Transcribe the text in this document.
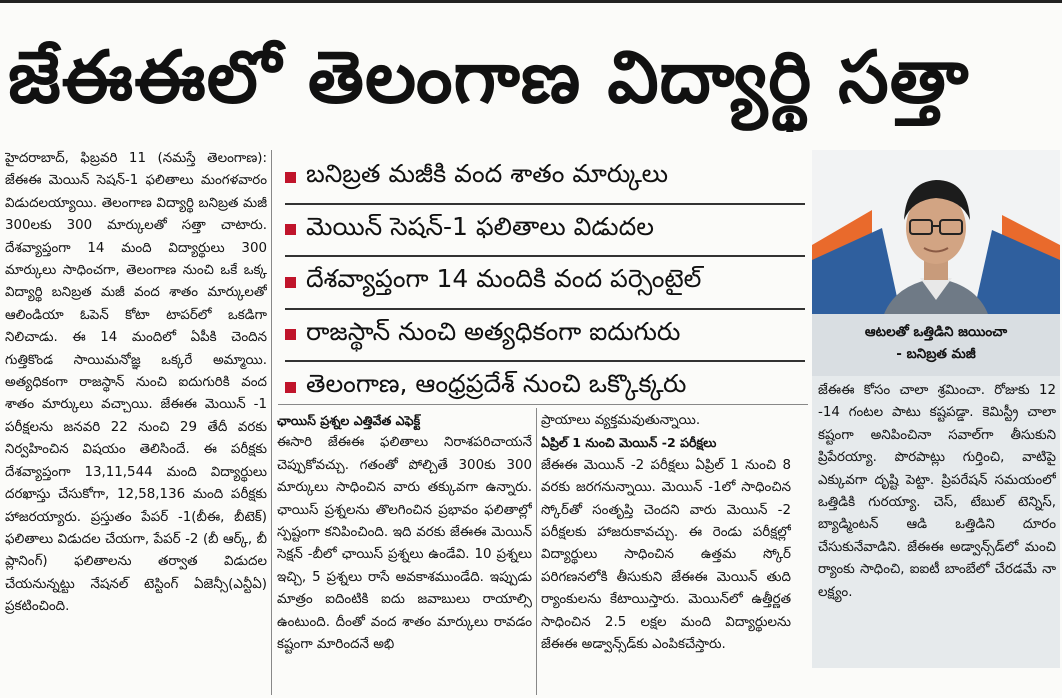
జేఈఈలో తెలంగాణ విద్యార్థి సత్తా

హైదరాబాద్, ఫిబ్రవరి 11 (నమస్తే తెలంగాణ): జేఈఈ మెయిన్ సెషన్-1 ఫలితాలు మంగళవారం విడుదలయ్యాయి. తెలంగాణ విద్యార్థి బనిబ్రత మజీ 300లకు 300 మార్కులతో సత్తా చాటారు. దేశవ్యాప్తంగా 14 మంది విద్యార్థులు 300 మార్కులు సాధించగా, తెలంగాణ నుంచి ఒకే ఒక్క విద్యార్థి బనిబ్రత మజీ వంద శాతం మార్కులతో ఆలిండియా ఓపెన్ కోటా టాపర్‌లో ఒకడిగా నిలిచాడు. ఈ 14 మందిలో ఏపీకి చెందిన గుత్తికొండ సాయిమనోజ్ఞ ఒక్కరే అమ్మాయి. అత్యధికంగా రాజస్థాన్ నుంచి ఐదుగురికి వంద శాతం మార్కులు వచ్చాయి. జేఈఈ మెయిన్ -1 పరీక్షలను జనవరి 22 నుంచి 29 తేదీ వరకు నిర్వహించిన విషయం తెలిసిందే. ఈ పరీక్షకు దేశవ్యాప్తంగా 13,11,544 మంది విద్యార్థులు దరఖాస్తు చేసుకోగా, 12,58,136 మంది పరీక్షకు హాజరయ్యారు. ప్రస్తుతం పేపర్ -1(బీఈ, బీటెక్) ఫలితాలు విడుదల చేయగా, పేపర్ -2 (బీ ఆర్క్, బీ ప్లానింగ్) ఫలితాలను తర్వాత విడుదల చేయనున్నట్టు నేషనల్ టెస్టింగ్ ఏజెన్సీ(ఎన్టీఏ) ప్రకటించింది.

బనిబ్రత మజీకి వంద శాతం మార్కులు
మెయిన్ సెషన్-1 ఫలితాలు విడుదల
దేశవ్యాప్తంగా 14 మందికి వంద పర్సెంటైల్
రాజస్థాన్ నుంచి అత్యధికంగా ఐదుగురు
తెలంగాణ, ఆంధ్రప్రదేశ్ నుంచి ఒక్కొక్కరు

ఛాయిస్ ప్రశ్నల ఎత్తివేత ఎఫెక్ట్

ఈసారి జేఈఈ ఫలితాలు నిరాశపరిచాయనే చెప్పుకోవచ్చు. గతంతో పోల్చితే 300కు 300 మార్కులు సాధించిన వారు తక్కువగా ఉన్నారు. ఛాయిస్ ప్రశ్నలను తొలగించిన ప్రభావం ఫలితాల్లో స్పష్టంగా కనిపించింది. ఇది వరకు జేఈఈ మెయిన్ సెక్షన్ -బీలో ఛాయిస్ ప్రశ్నలు ఉండేవి. 10 ప్రశ్నలు ఇచ్చి, 5 ప్రశ్నలు రాసే అవకాశముండేది. ఇప్పుడు మాత్రం ఐదింటికి ఐదు జవాబులు రాయాల్సి ఉంటుంది. దీంతో వంద శాతం మార్కులు రావడం కష్టంగా మారిందనే అభి

ప్రాయాలు వ్యక్తమవుతున్నాయి.

ఏప్రిల్ 1 నుంచి మెయిన్ -2 పరీక్షలు

జేఈఈ మెయిన్ -2 పరీక్షలు ఏప్రిల్ 1 నుంచి 8 వరకు జరగనున్నాయి. మెయిన్ -1లో సాధించిన స్కోర్‌తో సంతృప్తి చెందని వారు మెయిన్ -2 పరీక్షలకు హాజరుకావచ్చు. ఈ రెండు పరీక్షల్లో విద్యార్థులు సాధించిన ఉత్తమ స్కోర్ పరిగణనలోకి తీసుకుని జేఈఈ మెయిన్ తుది ర్యాంకులను కేటాయిస్తారు. మెయిన్‌లో ఉత్తీర్ణత సాధించిన 2.5 లక్షల మంది విద్యార్థులను జేఈఈ అడ్వాన్స్‌డ్‌కు ఎంపికచేస్తారు.

ఆటలతో ఒత్తిడిని జయించా
- బనిబ్రత మజీ

జేఈఈ కోసం చాలా శ్రమించా. రోజుకు 12 -14 గంటల పాటు కష్టపడ్డా. కెమిస్ట్రీ చాలా కష్టంగా అనిపించినా సవాల్‌గా తీసుకుని ప్రిపేరయ్యా. పొరపాట్లు గుర్తించి, వాటిపై ఎక్కువగా దృష్టి పెట్టా. ప్రిపరేషన్ సమయంలో ఒత్తిడికి గురయ్యా. చెస్, టేబుల్ టెన్నిస్, బ్యాడ్మింటన్ ఆడి ఒత్తిడిని దూరం చేసుకునేవాడిని. జేఈఈ అడ్వాన్స్‌డ్‌లో మంచి ర్యాంకు సాధించి, ఐఐటీ బాంబేలో చేరడమే నా లక్ష్యం.
